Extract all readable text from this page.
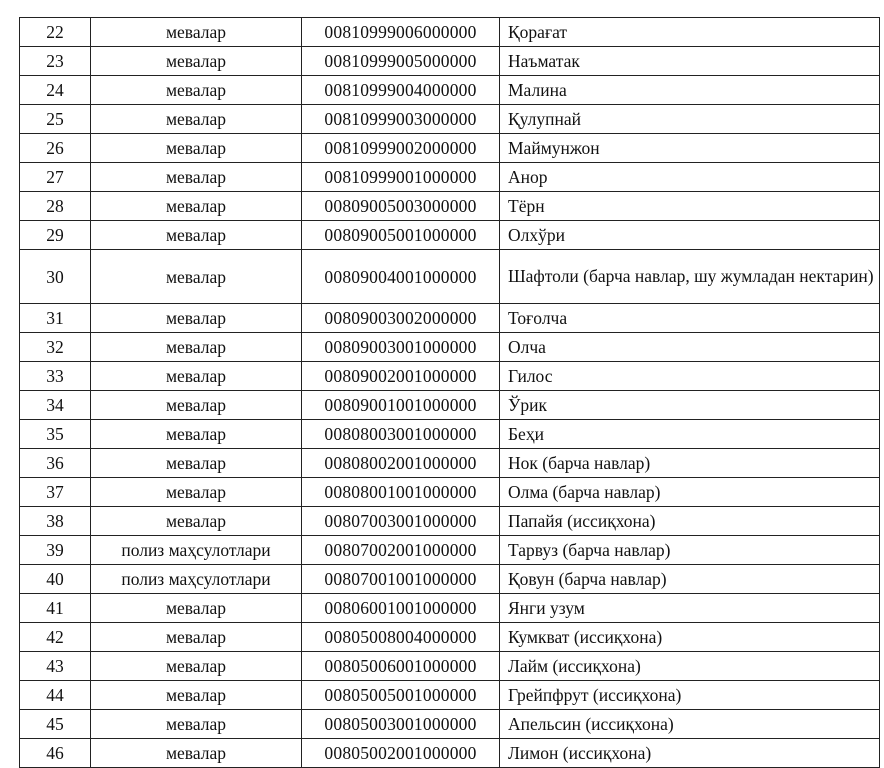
22	мевалар	00810999006000000	Қорағат
23	мевалар	00810999005000000	Наъматак
24	мевалар	00810999004000000	Малина
25	мевалар	00810999003000000	Қулупнай
26	мевалар	00810999002000000	Маймунжон
27	мевалар	00810999001000000	Анор
28	мевалар	00809005003000000	Тёрн
29	мевалар	00809005001000000	Олхўри
30	мевалар	00809004001000000	Шафтоли (барча навлар, шу жумладан нектарин)
31	мевалар	00809003002000000	Тоғолча
32	мевалар	00809003001000000	Олча
33	мевалар	00809002001000000	Гилос
34	мевалар	00809001001000000	Ўрик
35	мевалар	00808003001000000	Беҳи
36	мевалар	00808002001000000	Нок (барча навлар)
37	мевалар	00808001001000000	Олма (барча навлар)
38	мевалар	00807003001000000	Папайя (иссиқхона)
39	полиз маҳсулотлари	00807002001000000	Тарвуз (барча навлар)
40	полиз маҳсулотлари	00807001001000000	Қовун (барча навлар)
41	мевалар	00806001001000000	Янги узум
42	мевалар	00805008004000000	Кумкват (иссиқхона)
43	мевалар	00805006001000000	Лайм (иссиқхона)
44	мевалар	00805005001000000	Грейпфрут (иссиқхона)
45	мевалар	00805003001000000	Апельсин (иссиқхона)
46	мевалар	00805002001000000	Лимон (иссиқхона)
